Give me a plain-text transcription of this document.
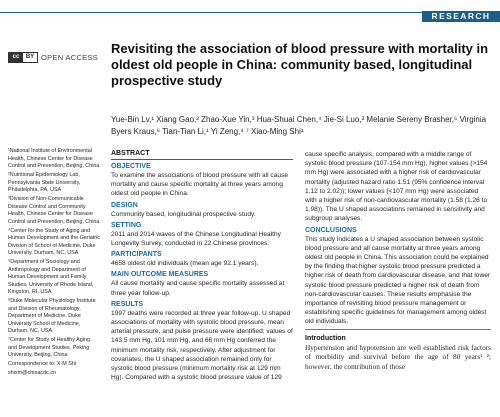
RESEARCH
cc	BY OPEN ACCESS
Revisiting the association of blood pressure with mortality in oldest old people in China: community based, longitudinal prospective study
Yue-Bin Lv,¹ Xiang Gao,² Zhao-Xue Yin,³ Hua-Shuai Chen,⁴ Jie-Si Luo,³ Melanie Sereny Brasher,⁵ Virginia Byers Kraus,⁶ Tian-Tian Li,¹ Yi Zeng,⁴ ⁷ Xiao-Ming Shi¹

¹National Institute of Environmental Health, Chinese Center for Disease Control and Prevention, Beijing, China

²Nutritional Epidemiology Lab, Pennsylvania State University, Philadelphia, PA, USA

³Division of Non-Communicable Disease Control and Community Health, Chinese Center for Disease Control and Prevention, Beijing, China

⁴Center for the Study of Aging and Human Development and the Geriatric Division of School of Medicine, Duke University, Durham, NC, USA

⁵Department of Sociology and Anthropology and Department of Human Development and Family Studies, University of Rhode Island, Kingston, RI, USA

⁶Duke Molecular Physiology Institute and Division of Rheumatology, Department of Medicine, Duke University School of Medicine, Durham, NC, USA

⁷Center for Study of Healthy Aging and Development Studies, Peking University, Beijing, China

Correspondence to: X-M Shi

shixm@chinacdc.cn

ABSTRACT
OBJECTIVE

To examine the associations of blood pressure with all cause mortality and cause specific mortality at three years among oldest old people in China.

DESIGN

Community based, longitudinal prospective study.

SETTING

2011 and 2014 waves of the Chinese Longitudinal Healthy Longevity Survey, conducted in 22 Chinese provinces.

PARTICIPANTS

4658 oldest old individuals (mean age 92.1 years).

MAIN OUTCOME MEASURES

All cause mortality and cause specific mortality assessed at three year follow-up.

RESULTS

1997 deaths were recorded at three year follow-up. U shaped associations of mortality with systolic blood pressure, mean arterial pressure, and pulse pressure were identified; values of 143.5 mm Hg, 101 mm Hg, and 66 mm Hg conferred the minimum mortality risk, respectively. After adjustment for covariates, the U shaped association remained only for systolic blood pressure (minimum mortality risk at 129 mm Hg). Compared with a systolic blood pressure value of 129

cause specific analysis, compared with a middle range of systolic blood pressure (107-154 mm Hg), higher values (>154 mm Hg) were associated with a higher risk of cardiovascular mortality (adjusted hazard ratio 1.51 (95% confidence interval 1.12 to 2.02)); lower values (<107 mm Hg) were associated with a higher risk of non-cardiovascular mortality (1.58 (1.26 to 1.98)). The U shaped associations remained in sensitivity and subgroup analyses.

CONCLUSIONS

This study indicates a U shaped association between systolic blood pressure and all cause mortality at three years among oldest old people in China. This association could be explained by the finding that higher systolic blood pressure predicted a higher risk of death from cardiovascular disease, and that lower systolic blood pressure predicted a higher risk of death from non-cardiovascular causes. These results emphasise the importance of revisiting blood pressure management or establishing specific guidelines for management among oldest old individuals.

Introduction

Hypertension and hypotension are well established risk factors of morbidity and survival before the age of 80 years¹ ²; however, the contribution of those
